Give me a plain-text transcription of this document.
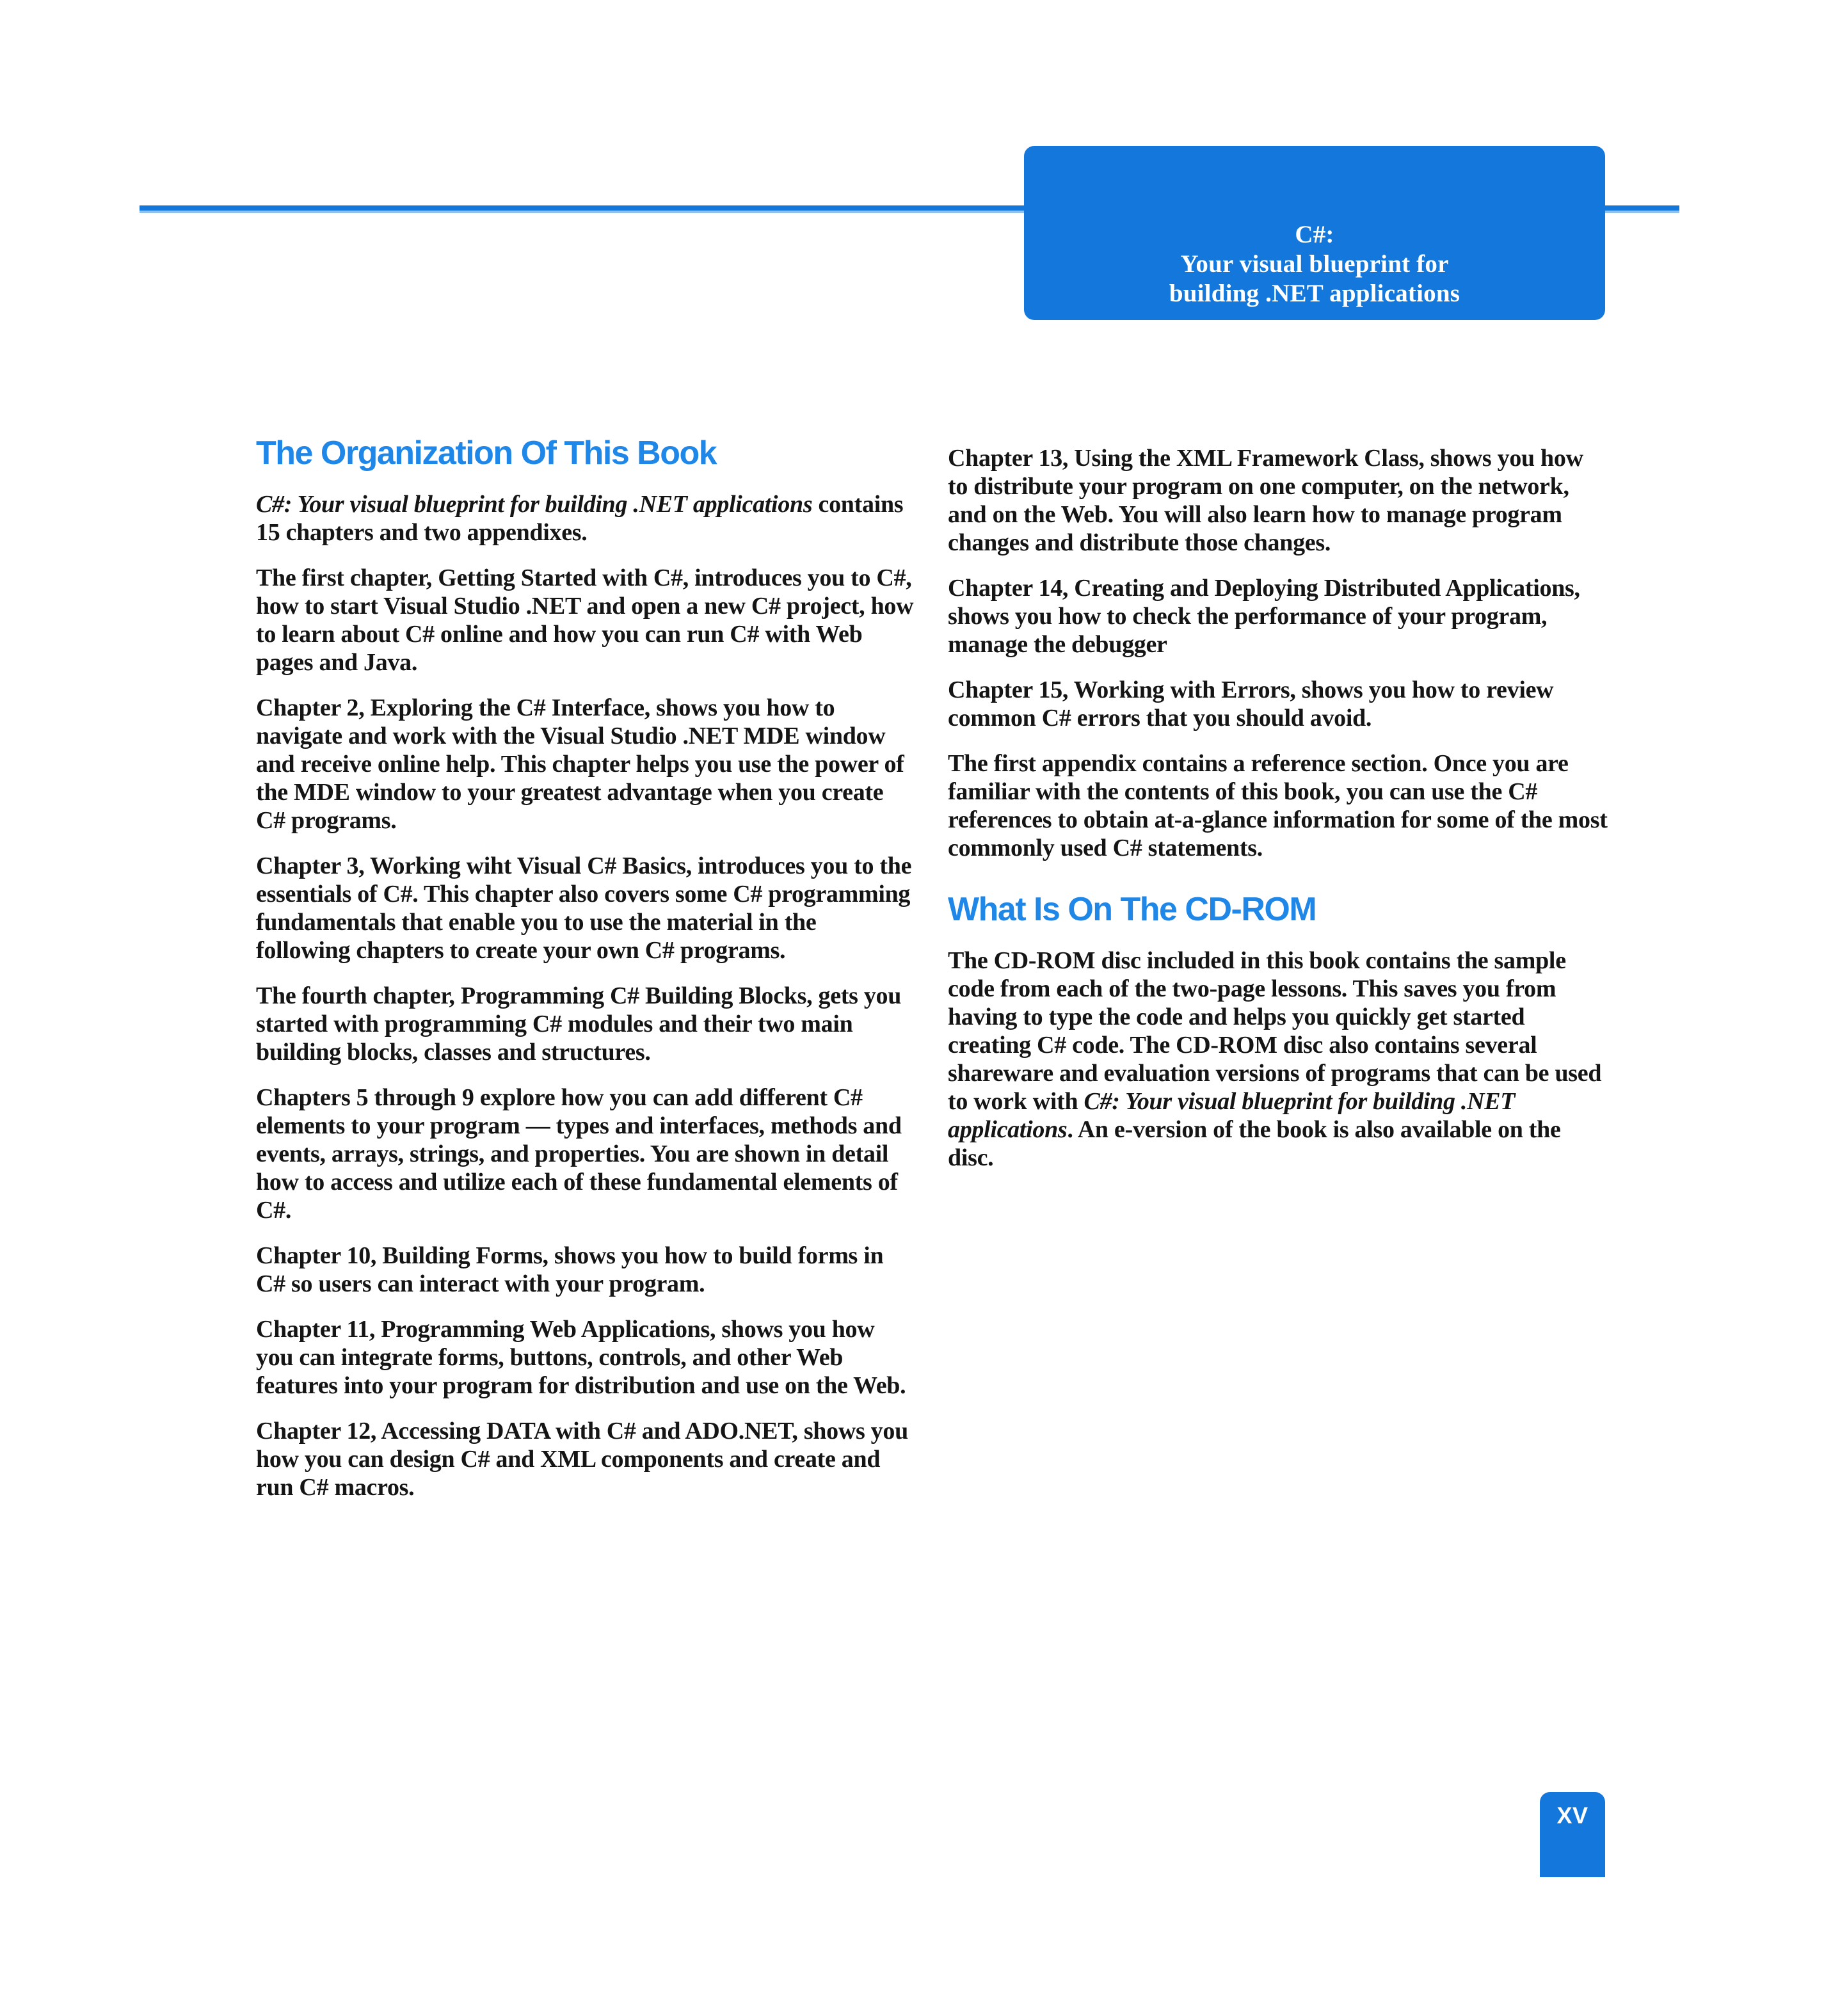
C#:
Your visual blueprint for
building .NET applications
The Organization Of This Book

C#: Your visual blueprint for building .NET applications contains 15 chapters and two appendixes.

The first chapter, Getting Started with C#, introduces you to C#, how to start Visual Studio .NET and open a new C# project, how to learn about C# online and how you can run C# with Web pages and Java.

Chapter 2, Exploring the C# Interface, shows you how to navigate and work with the Visual Studio .NET MDE window and receive online help. This chapter helps you use the power of the MDE window to your greatest advantage when you create C# programs.

Chapter 3, Working wiht Visual C# Basics, introduces you to the essentials of C#. This chapter also covers some C# programming fundamentals that enable you to use the material in the following chapters to create your own C# programs.

The fourth chapter, Programming C# Building Blocks, gets you started with programming C# modules and their two main building blocks, classes and structures.

Chapters 5 through 9 explore how you can add different C# elements to your program — types and interfaces, methods and events, arrays, strings, and properties. You are shown in detail how to access and utilize each of these fundamental elements of C#.

Chapter 10, Building Forms, shows you how to build forms in C# so users can interact with your program.

Chapter 11, Programming Web Applications, shows you how you can integrate forms, buttons, controls, and other Web features into your program for distribution and use on the Web.

Chapter 12, Accessing DATA with C# and ADO.NET, shows you how you can design C# and XML components and create and run C# macros.

Chapter 13, Using the XML Framework Class, shows you how to distribute your program on one computer, on the network, and on the Web. You will also learn how to manage program changes and distribute those changes.

Chapter 14, Creating and Deploying Distributed Applications, shows you how to check the performance of your program, manage the debugger

Chapter 15, Working with Errors, shows you how to review common C# errors that you should avoid.

The first appendix contains a reference section. Once you are familiar with the contents of this book, you can use the C# references to obtain at-a-glance information for some of the most commonly used C# statements.

What Is On The CD-ROM

The CD-ROM disc included in this book contains the sample code from each of the two-page lessons. This saves you from having to type the code and helps you quickly get started creating C# code. The CD-ROM disc also contains several shareware and evaluation versions of programs that can be used to work with C#: Your visual blueprint for building .NET applications. An e-version of the book is also available on the disc.

XV
